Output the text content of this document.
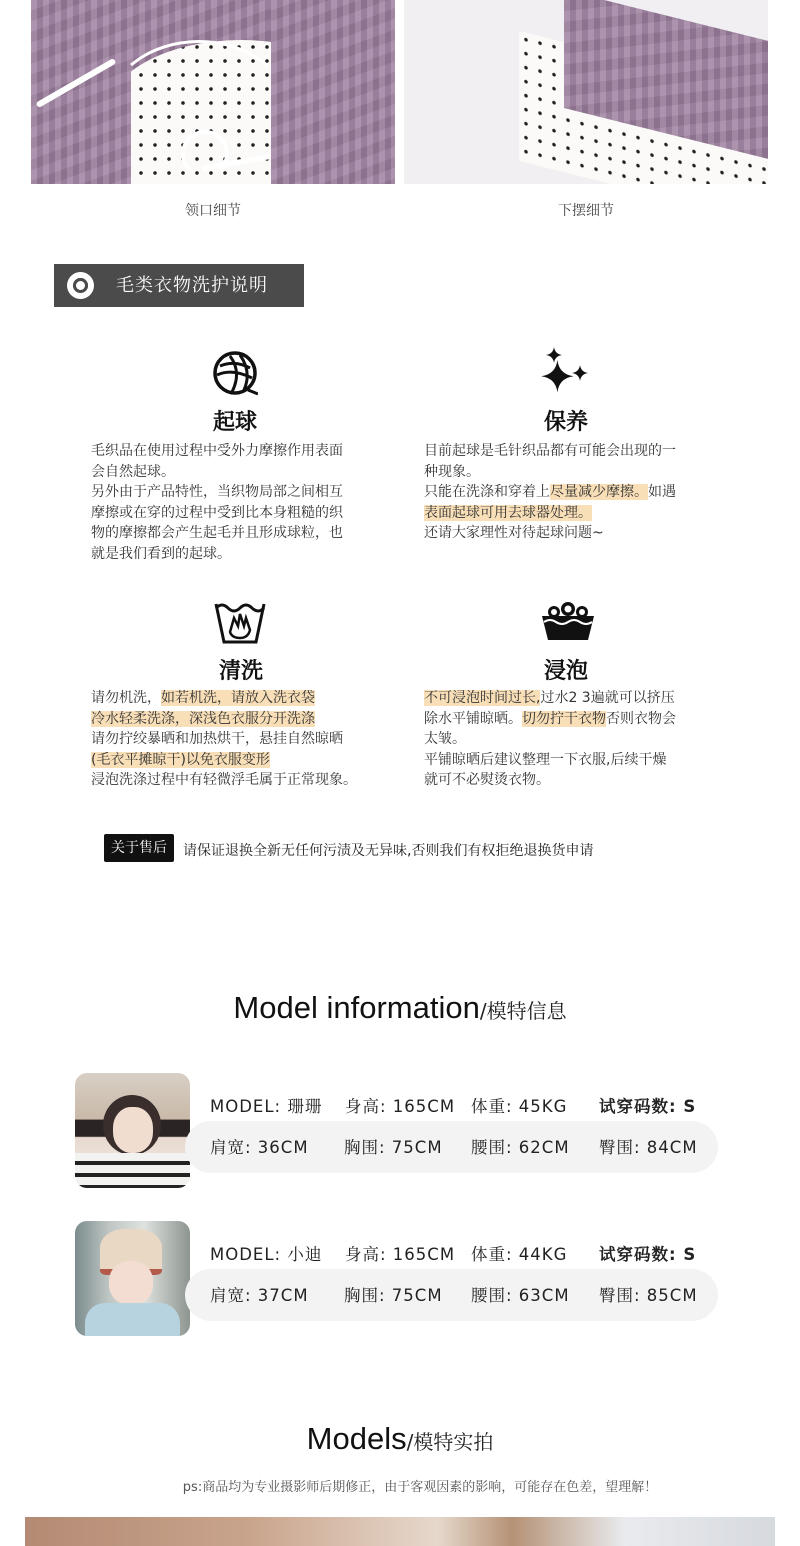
领口细节	下摆细节
毛类衣物洗护说明
起球

毛织品在使用过程中受外力摩擦作用表面

会自然起球。

另外由于产品特性，当织物局部之间相互

摩擦或在穿的过程中受到比本身粗糙的织

物的摩擦都会产生起毛并且形成球粒，也

就是我们看到的起球。

保养

目前起球是毛针织品都有可能会出现的一

种现象。

只能在洗涤和穿着上尽量减少摩擦。如遇

表面起球可用去球器处理。

还请大家理性对待起球问题~

清洗

请勿机洗，如若机洗，请放入洗衣袋

冷水轻柔洗涤，深浅色衣服分开洗涤

请勿拧绞暴晒和加热烘干，悬挂自然晾晒

(毛衣平摊晾干)以免衣服变形

浸泡洗涤过程中有轻微浮毛属于正常现象。

浸泡

不可浸泡时间过长,过水2 3遍就可以挤压

除水平铺晾晒。切勿拧干衣物否则衣物会

太皱。

平铺晾晒后建议整理一下衣服,后续干燥

就可不必熨烫衣物。

关于售后	请保证退换全新无任何污渍及无异味,否则我们有权拒绝退换货申请
Model information/模特信息
MODEL: 珊珊 身高: 165CM 体重: 45KG 试穿码数: S
肩宽: 36CM 胸围: 75CM 腰围: 62CM 臀围: 84CM
MODEL: 小迪 身高: 165CM 体重: 44KG 试穿码数: S
肩宽: 37CM 胸围: 75CM 腰围: 63CM 臀围: 85CM
Models/模特实拍
ps:商品均为专业摄影师后期修正，由于客观因素的影响，可能存在色差，望理解！
